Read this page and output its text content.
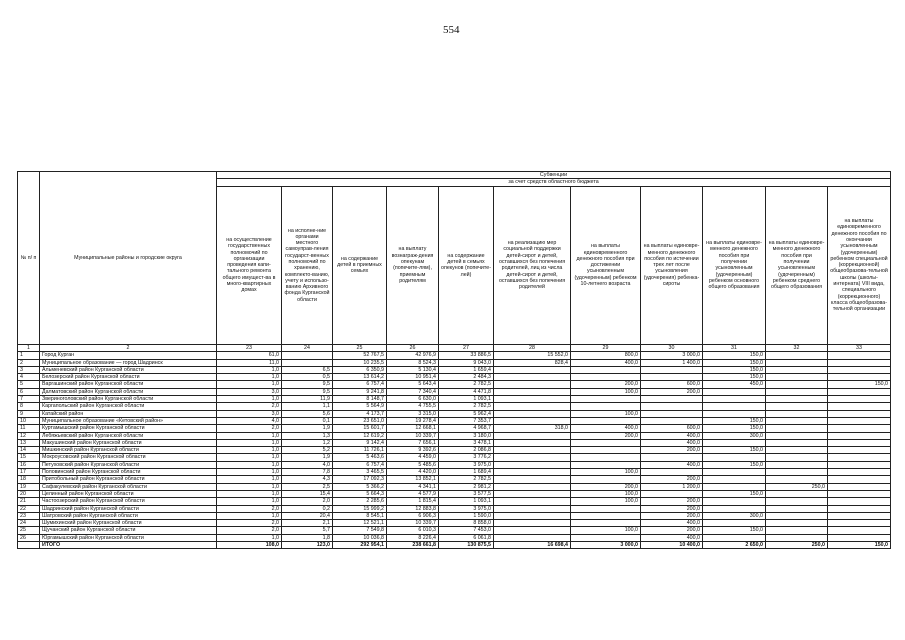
554
№ п/ п	Муниципальные районы и городские округа	Субвенции										
		за счет средств областного бюджета										
		на осуществление государственных полномочий по организации проведения капи-тального ремонта общего имущест-ва в много-квартирных домах	на исполне-ние органами местного самоуправ-ления государст-венных полномочий по хранению, комплекто-ванию, учету и использо-ванию Архивного фонда Курганской области	на содержание детей в приемных семьях	на выплату вознаграж-дения опекунам (попечите-лям), приемным родителям	на содержание детей в семьях опекунов (попечите-лей)	на реализацию мер социальной поддержки детей-сирот и детей, оставшихся без попечения родителей, лиц из числа детей-сирот и детей, оставшихся без попечения родителей	на выплаты единовременного денежного пособия при достижении усыновленным (удочеренным) ребенком 10-летнего возраста	на выплаты единовре-менного денежного пособия по истечении трех лет после усыновления (удочерения) ребенка-сироты	на выплаты единовре-менного денежного пособия при получении усыновленным (удочеренным) ребенком основного общего образования	на выплаты единовре-менного денежного пособия при получении усыновленным (удочеренным) ребенком среднего общего образования	на выплаты единовременного денежного пособия по окончании усыновленным (удочеренным) ребенком специальной (коррекционной) общеобразова-тельной школы (школы-интерната) VIII вида, специального (коррекционного) класса общеобразова-тельной организации
1	2	23	24	25	26	27	28	29	30	31	32	33
1	Город Курган	61,0		52 767,5	42 976,9	33 886,5	15 552,0	800,0	3 000,0	150,0		
2	Муниципальное образование — город Шадринск	11,0		10 235,5	8 524,3	9 043,0	828,4	400,0	1 400,0	150,0		
3	Альменевский район Курганской области	1,0	6,5	6 350,9	5 130,4	1 659,4				150,0		
4	Белозерский район Курганской области	1,0	0,5	13 614,2	10 951,4	2 484,3				150,0		
5	Варгашинский район Курганской области	1,0	9,5	6 757,4	5 643,4	2 782,5		200,0	600,0	450,0		150,0
6	Далматовский район Курганской области	3,0	9,5	9 241,8	7 340,4	4 471,8		100,0	200,0			
7	Звериноголовский район Курганской области	1,0	11,9	8 148,7	6 630,0	1 093,1						
8	Каргапольский район Курганской области	2,0	1,1	5 564,9	4 755,5	2 782,5						
9	Катайский район	3,0	5,6	4 173,7	3 315,0	5 962,4		100,0				
10	Муниципальное образование «Кетовский район»	4,0	0,1	23 651,0	19 278,4	7 353,7				150,0		
11	Куртамышский район Курганской области	2,0	1,9	15 601,7	12 668,1	4 968,7	318,0	400,0	600,0	150,0		
12	Лебяжьевский район Курганской области	1,0	1,3	12 619,2	10 339,7	3 180,0		200,0	400,0	300,0		
13	Макушинский район Курганской области	1,0	1,2	9 142,4	7 656,1	3 478,1			400,0			
14	Мишкинский район Курганской области	1,0	5,2	11 726,1	9 392,6	2 086,8			200,0	150,0		
15	Мокроусовский район Курганской области	1,0	1,9	5 463,6	4 459,0	3 776,2						
16	Петуховский район Курганской области	1,0	4,0	6 757,4	5 485,6	3 975,0			400,0	150,0		
17	Половинский район Курганской области	1,0	7,8	3 465,5	4 420,0	1 689,4		100,0				
18	Притобольный район Курганской области	1,0	4,3	17 092,3	13 852,1	2 782,5			200,0			
19	Сафакулевский район Курганской области	1,0	2,5	5 366,2	4 341,1	2 981,2		200,0	1 200,0		250,0	
20	Целинный район Курганской области	1,0	15,4	5 664,3	4 577,9	3 577,5		100,0		150,0		
21	Частоозерский район Курганской области	1,0	2,0	2 285,6	1 815,4	1 093,1		100,0	200,0			
22	Шадринский район Курганской области	2,0	0,2	15 999,2	12 883,8	3 975,0			200,0			
23	Шатровский район Курганской области	1,0	20,4	8 545,1	6 906,3	1 590,0			200,0	300,0		
24	Шумихинский район Курганской области	2,0	2,1	12 521,1	10 339,7	8 858,0			400,0			
25	Щучанский район Курганской области	2,0	5,7	7 549,8	6 010,3	7 453,0		100,0	200,0	150,0		
26	Юргамышский район Курганской области	1,0	1,8	10 036,8	8 226,4	6 061,8			400,0			
	ИТОГО	108,0	123,0	292 954,1	238 661,8	130 875,5	16 698,4	3 000,0	10 400,0	2 650,0	250,0	150,0
